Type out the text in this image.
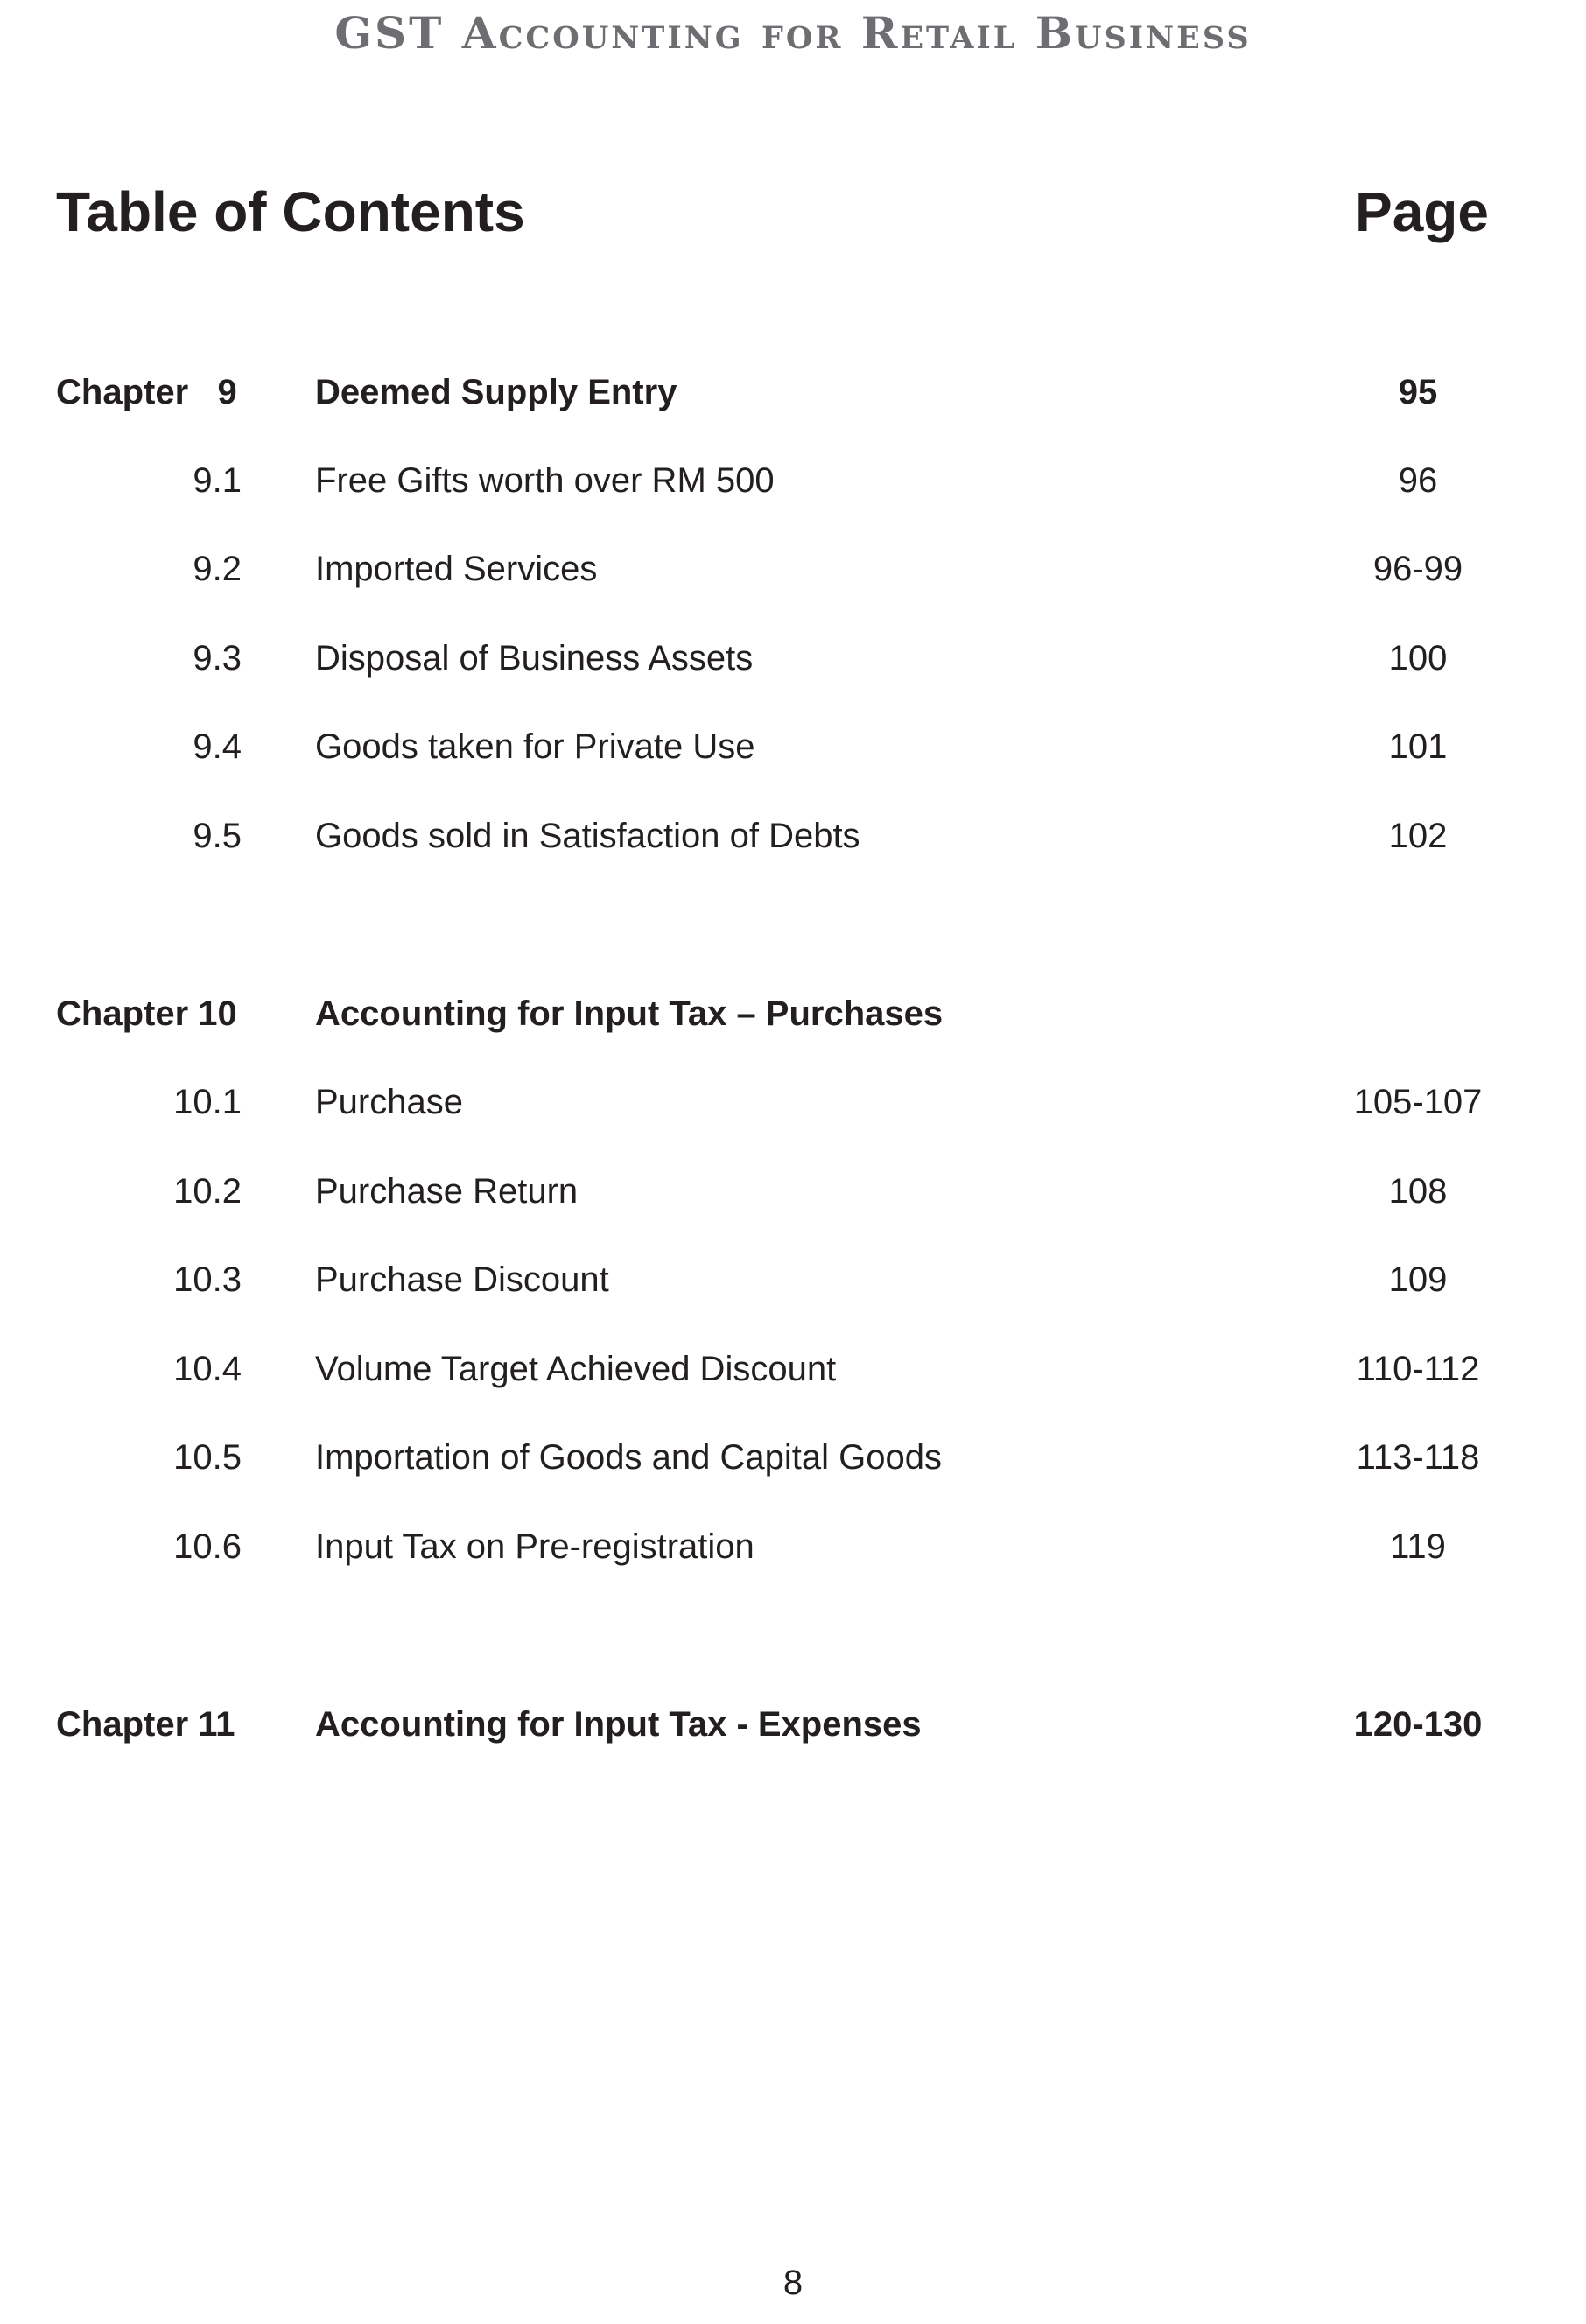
GST Accounting for Retail Business
Table of Contents	Page
Chapter   9 Deemed Supply Entry	95
9.1 Free Gifts worth over RM 500	96
9.2 Imported Services	96-99
9.3 Disposal of Business Assets	100
9.4 Goods taken for Private Use	101
9.5 Goods sold in Satisfaction of Debts	102
Chapter 10 Accounting for Input Tax – Purchases
10.1 Purchase	105-107
10.2 Purchase Return	108
10.3 Purchase Discount	109
10.4 Volume Target Achieved Discount	110-112
10.5 Importation of Goods and Capital Goods	113-118
10.6 Input Tax on Pre-registration	119
Chapter 11 Accounting for Input Tax - Expenses	120-130
8
